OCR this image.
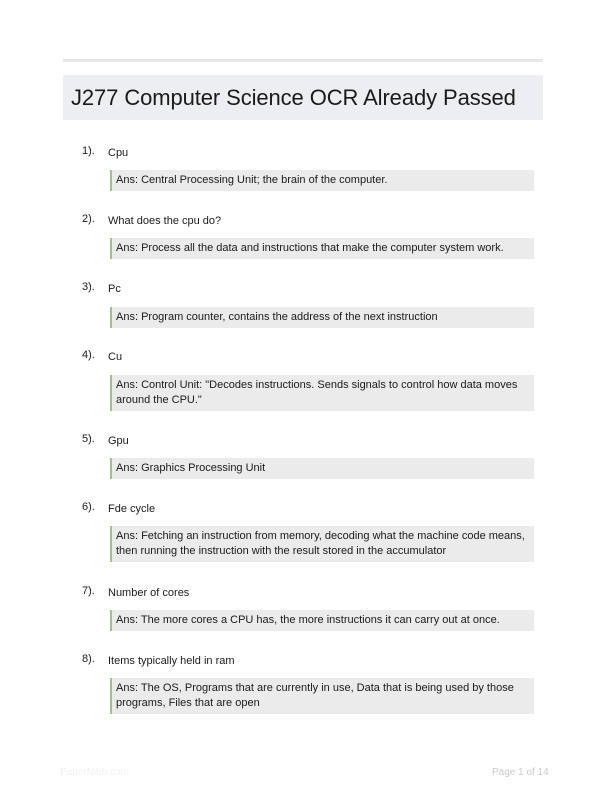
J277 Computer Science OCR Already Passed
1). Cpu
Ans: Central Processing Unit; the brain of the computer.
2). What does the cpu do?
Ans: Process all the data and instructions that make the computer system work.
3). Pc
Ans: Program counter, contains the address of the next instruction
4). Cu
Ans: Control Unit: "Decodes instructions. Sends signals to control how data moves around the CPU."
5). Gpu
Ans: Graphics Processing Unit
6). Fde cycle
Ans: Fetching an instruction from memory, decoding what the machine code means, then running the instruction with the result stored in the accumulator
7). Number of cores
Ans: The more cores a CPU has, the more instructions it can carry out at once.
8). Items typically held in ram
Ans: The OS, Programs that are currently in use, Data that is being used by those programs, Files that are open
PaperNibb.com	Page 1 of 14
